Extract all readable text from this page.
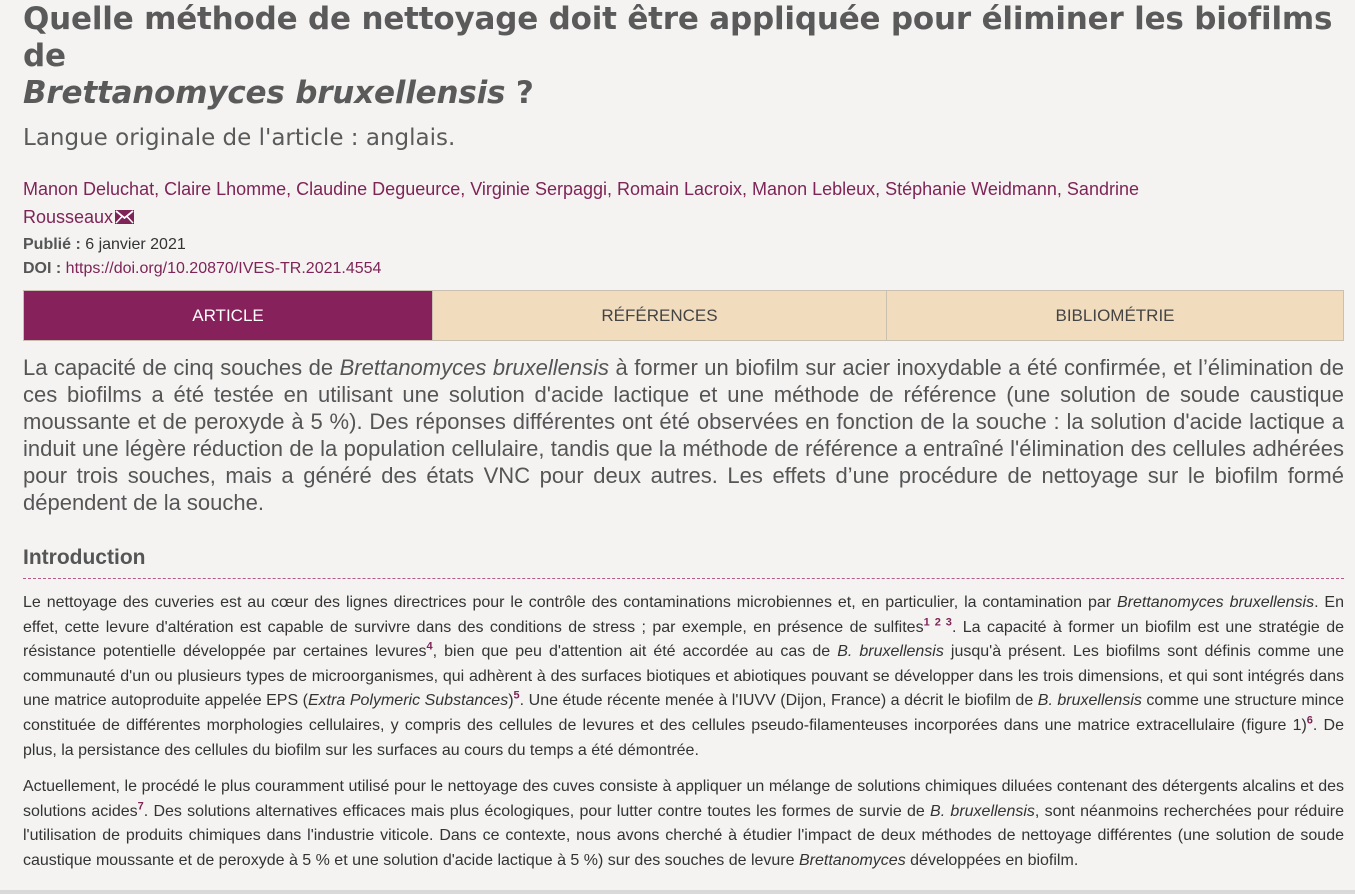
Quelle méthode de nettoyage doit être appliquée pour éliminer les biofilms de
Brettanomyces bruxellensis ?
Langue originale de l'article : anglais.
Manon Deluchat, Claire Lhomme, Claudine Degueurce, Virginie Serpaggi, Romain Lacroix, Manon Lebleux, Stéphanie Weidmann, Sandrine
Rousseaux
Publié : 6 janvier 2021
DOI : https://doi.org/10.20870/IVES-TR.2021.4554
ARTICLE	RÉFÉRENCES	BIBLIOMÉTRIE

La capacité de cinq souches de Brettanomyces bruxellensis à former un biofilm sur acier inoxydable a été confirmée, et l’élimination de ces biofilms a été testée en utilisant une solution d'acide lactique et une méthode de référence (une solution de soude caustique moussante et de peroxyde à 5 %). Des réponses différentes ont été observées en fonction de la souche : la solution d'acide lactique a induit une légère réduction de la population cellulaire, tandis que la méthode de référence a entraîné l'élimination des cellules adhérées pour trois souches, mais a généré des états VNC pour deux autres. Les effets d’une procédure de nettoyage sur le biofilm formé dépendent de la souche.

Introduction

Le nettoyage des cuveries est au cœur des lignes directrices pour le contrôle des contaminations microbiennes et, en particulier, la contamination par Brettanomyces bruxellensis. En effet, cette levure d'altération est capable de survivre dans des conditions de stress ; par exemple, en présence de sulfites$^{1 2 3}$. La capacité à former un biofilm est une stratégie de résistance potentielle développée par certaines levures$^4$, bien que peu d'attention ait été accordée au cas de B. bruxellensis jusqu'à présent. Les biofilms sont définis comme une communauté d'un ou plusieurs types de microorganismes, qui adhèrent à des surfaces biotiques et abiotiques pouvant se développer dans les trois dimensions, et qui sont intégrés dans une matrice autoproduite appelée EPS (Extra Polymeric Substances)$^5$. Une étude récente menée à l'IUVV (Dijon, France) a décrit le biofilm de B. bruxellensis comme une structure mince constituée de différentes morphologies cellulaires, y compris des cellules de levures et des cellules pseudo-filamenteuses incorporées dans une matrice extracellulaire (figure 1)$^6$. De plus, la persistance des cellules du biofilm sur les surfaces au cours du temps a été démontrée.

Actuellement, le procédé le plus couramment utilisé pour le nettoyage des cuves consiste à appliquer un mélange de solutions chimiques diluées contenant des détergents alcalins et des solutions acides$^7$. Des solutions alternatives efficaces mais plus écologiques, pour lutter contre toutes les formes de survie de B. bruxellensis, sont néanmoins recherchées pour réduire l'utilisation de produits chimiques dans l'industrie viticole. Dans ce contexte, nous avons cherché à étudier l'impact de deux méthodes de nettoyage différentes (une solution de soude caustique moussante et de peroxyde à 5 % et une solution d'acide lactique à 5 %) sur des souches de levure Brettanomyces développées en biofilm.
